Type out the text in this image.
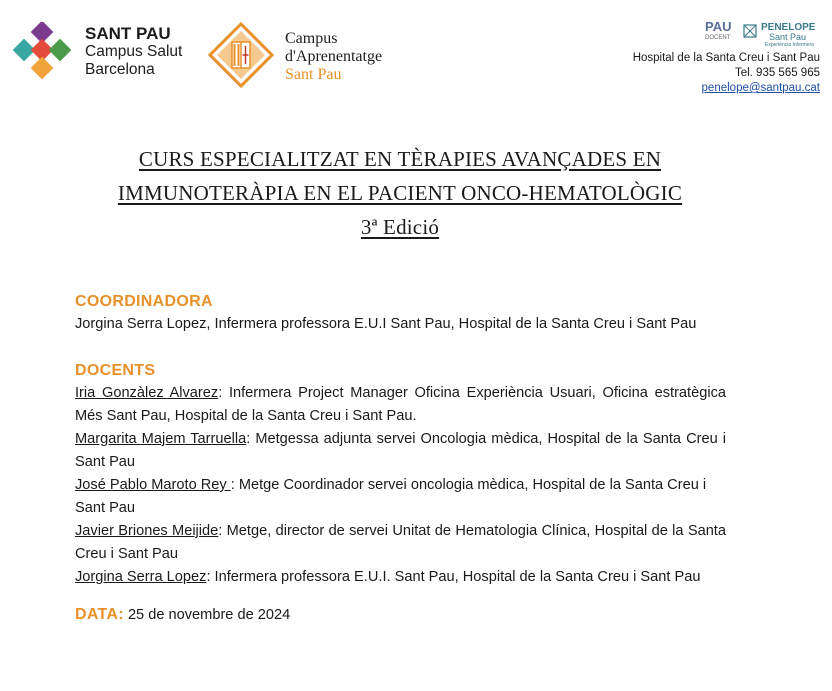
SANT PAU
Campus Salut
Barcelona
Campus
d'Aprenentatge
Sant Pau
PAU
DOCENT
PENELOPE
Sant Pau
Experiència Infermera
Hospital de la Santa Creu i Sant Pau
Tel. 935 565 965
penelope@santpau.cat
CURS ESPECIALITZAT EN TÈRAPIES AVANÇADES EN
IMMUNOTERÀPIA EN EL PACIENT ONCO-HEMATOLÒGIC
3ª Edició

COORDINADORA

Jorgina Serra Lopez, Infermera professora E.U.I Sant Pau, Hospital de la Santa Creu i Sant Pau

DOCENTS

Iria Gonzàlez Alvarez: Infermera Project Manager Oficina Experiència Usuari, Oficina estratègica Més Sant Pau, Hospital de la Santa Creu i Sant Pau.

Margarita Majem Tarruella: Metgessa adjunta servei Oncologia mèdica, Hospital de la Santa Creu i Sant Pau

José Pablo Maroto Rey : Metge Coordinador servei oncologia mèdica, Hospital de la Santa Creu i Sant Pau

Javier Briones Meijide: Metge, director de servei Unitat de Hematologia Clínica, Hospital de la Santa Creu i Sant Pau

Jorgina Serra Lopez: Infermera professora E.U.I. Sant Pau, Hospital de la Santa Creu i Sant Pau

DATA: 25 de novembre de 2024
